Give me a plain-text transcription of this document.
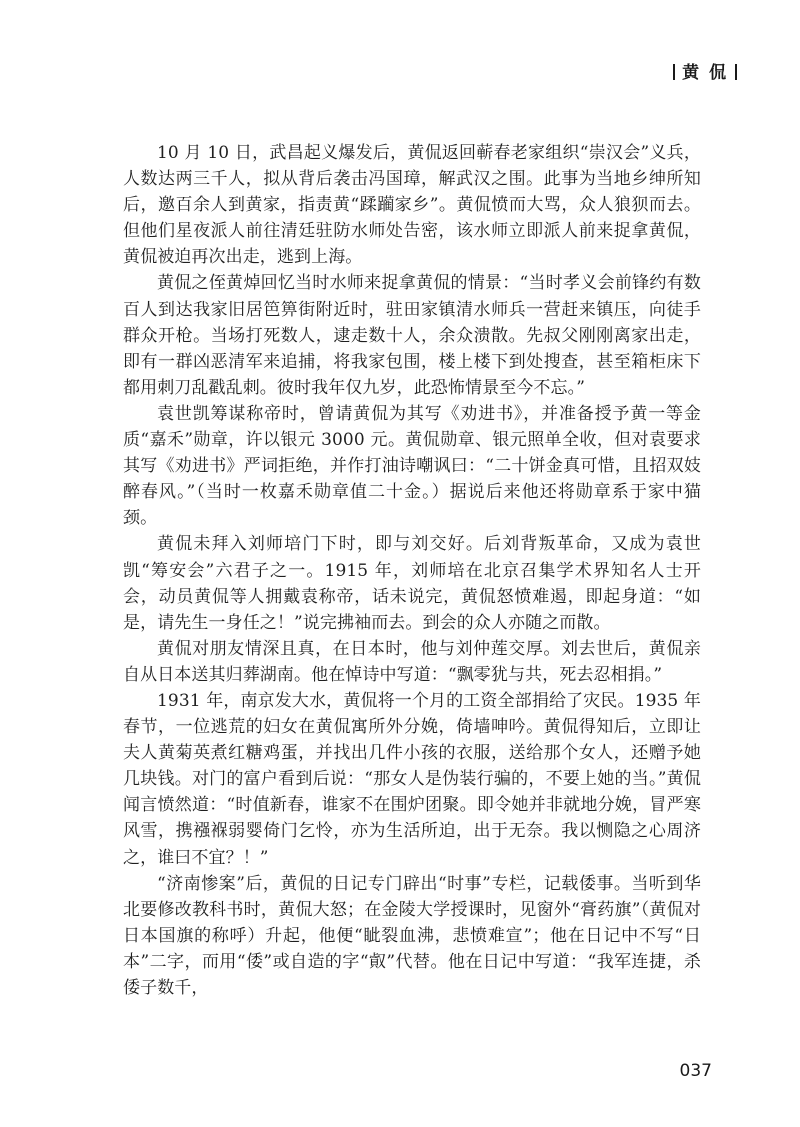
黄 侃

10 月 10 日，武昌起义爆发后，黄侃返回蕲春老家组织“崇汉会”义兵，人数达两三千人，拟从背后袭击冯国璋，解武汉之围。此事为当地乡绅所知后，邀百余人到黄家，指责黄“蹂躏家乡”。黄侃愤而大骂，众人狼狈而去。但他们星夜派人前往清廷驻防水师处告密，该水师立即派人前来捉拿黄侃，黄侃被迫再次出走，逃到上海。

黄侃之侄黄焯回忆当时水师来捉拿黄侃的情景：“当时孝义会前锋约有数百人到达我家旧居笆箅街附近时，驻田家镇清水师兵一营赶来镇压，向徒手群众开枪。当场打死数人，逮走数十人，余众溃散。先叔父刚刚离家出走，即有一群凶恶清军来追捕，将我家包围，楼上楼下到处搜查，甚至箱柜床下都用刺刀乱戳乱刺。彼时我年仅九岁，此恐怖情景至今不忘。”

袁世凯筹谋称帝时，曾请黄侃为其写《劝进书》，并准备授予黄一等金质“嘉禾”勋章，许以银元 3000 元。黄侃勋章、银元照单全收，但对袁要求其写《劝进书》严词拒绝，并作打油诗嘲讽曰：“二十饼金真可惜，且招双妓醉春风。”（当时一枚嘉禾勋章值二十金。）据说后来他还将勋章系于家中猫颈。

黄侃未拜入刘师培门下时，即与刘交好。后刘背叛革命，又成为袁世凯“筹安会”六君子之一。1915 年，刘师培在北京召集学术界知名人士开会，动员黄侃等人拥戴袁称帝，话未说完，黄侃怒愤难遏，即起身道：“如是，请先生一身任之！”说完拂袖而去。到会的众人亦随之而散。

黄侃对朋友情深且真，在日本时，他与刘仲莲交厚。刘去世后，黄侃亲自从日本送其归葬湖南。他在悼诗中写道：“飘零犹与共，死去忍相捐。”

1931 年，南京发大水，黄侃将一个月的工资全部捐给了灾民。1935 年春节，一位逃荒的妇女在黄侃寓所外分娩，倚墙呻吟。黄侃得知后，立即让夫人黄菊英煮红糖鸡蛋，并找出几件小孩的衣服，送给那个女人，还赠予她几块钱。对门的富户看到后说：“那女人是伪装行骗的，不要上她的当。”黄侃闻言愤然道：“时值新春，谁家不在围炉团聚。即令她并非就地分娩，冒严寒风雪，携襁褓弱婴倚门乞怜，亦为生活所迫，出于无奈。我以恻隐之心周济之，谁曰不宜？！”

“济南惨案”后，黄侃的日记专门辟出“时事”专栏，记载倭事。当听到华北要修改教科书时，黄侃大怒；在金陵大学授课时，见窗外“膏药旗”（黄侃对日本国旗的称呼）升起，他便“眦裂血沸，悲愤难宣”；他在日记中不写“日本”二字，而用“倭”或自造的字“㕢”代替。他在日记中写道：“我军连捷，杀倭子数千，

037
